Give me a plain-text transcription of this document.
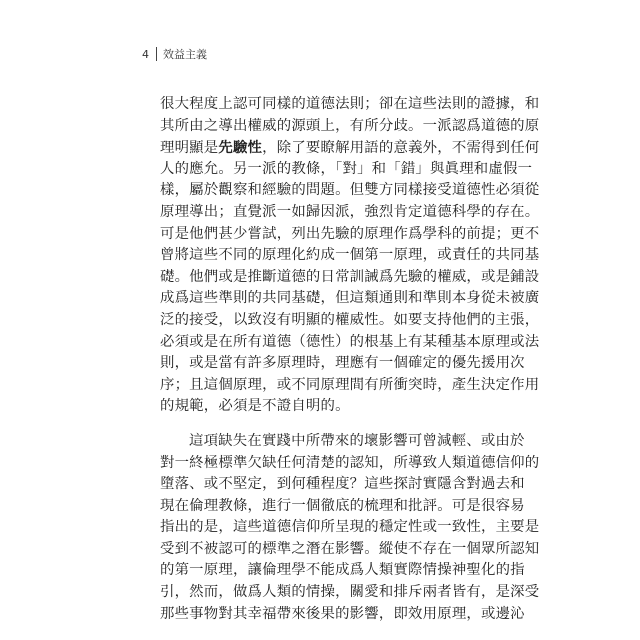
4 效益主義
很大程度上認可同樣的道德法則；卻在這些法則的證據，和
其所由之導出權威的源頭上，有所分歧。一派認爲道德的原
理明顯是先驗性，除了要瞭解用語的意義外，不需得到任何
人的應允。另一派的教條，「對」和「錯」與眞理和虛假一
樣，屬於觀察和經驗的問題。但雙方同樣接受道德性必須從
原理導出；直覺派一如歸因派，強烈肯定道德科學的存在。
可是他們甚少嘗試，列出先驗的原理作爲學科的前提；更不
曾將這些不同的原理化約成一個第一原理，或責任的共同基
礎。他們或是推斷道德的日常訓誡爲先驗的權威，或是鋪設
成爲這些準則的共同基礎，但這類通則和準則本身從未被廣
泛的接受，以致沒有明顯的權威性。如要支持他們的主張，
必須或是在所有道德（德性）的根基上有某種基本原理或法
則，或是當有許多原理時，理應有一個確定的優先援用次
序；且這個原理，或不同原理間有所衝突時，產生決定作用
的規範，必須是不證自明的。
這項缺失在實踐中所帶來的壞影響可曾減輕、或由於
對一終極標準欠缺任何清楚的認知，所導致人類道德信仰的
墮落、或不堅定，到何種程度？這些探討實隱含對過去和
現在倫理教條，進行一個徹底的梳理和批評。可是很容易
指出的是，這些道德信仰所呈現的穩定性或一致性，主要是
受到不被認可的標準之潛在影響。縱使不存在一個眾所認知
的第一原理，讓倫理學不能成爲人類實際情操神聖化的指
引，然而，做爲人類的情操，關愛和排斥兩者皆有，是深受
那些事物對其幸福帶來後果的影響，即效用原理，或邊沁
